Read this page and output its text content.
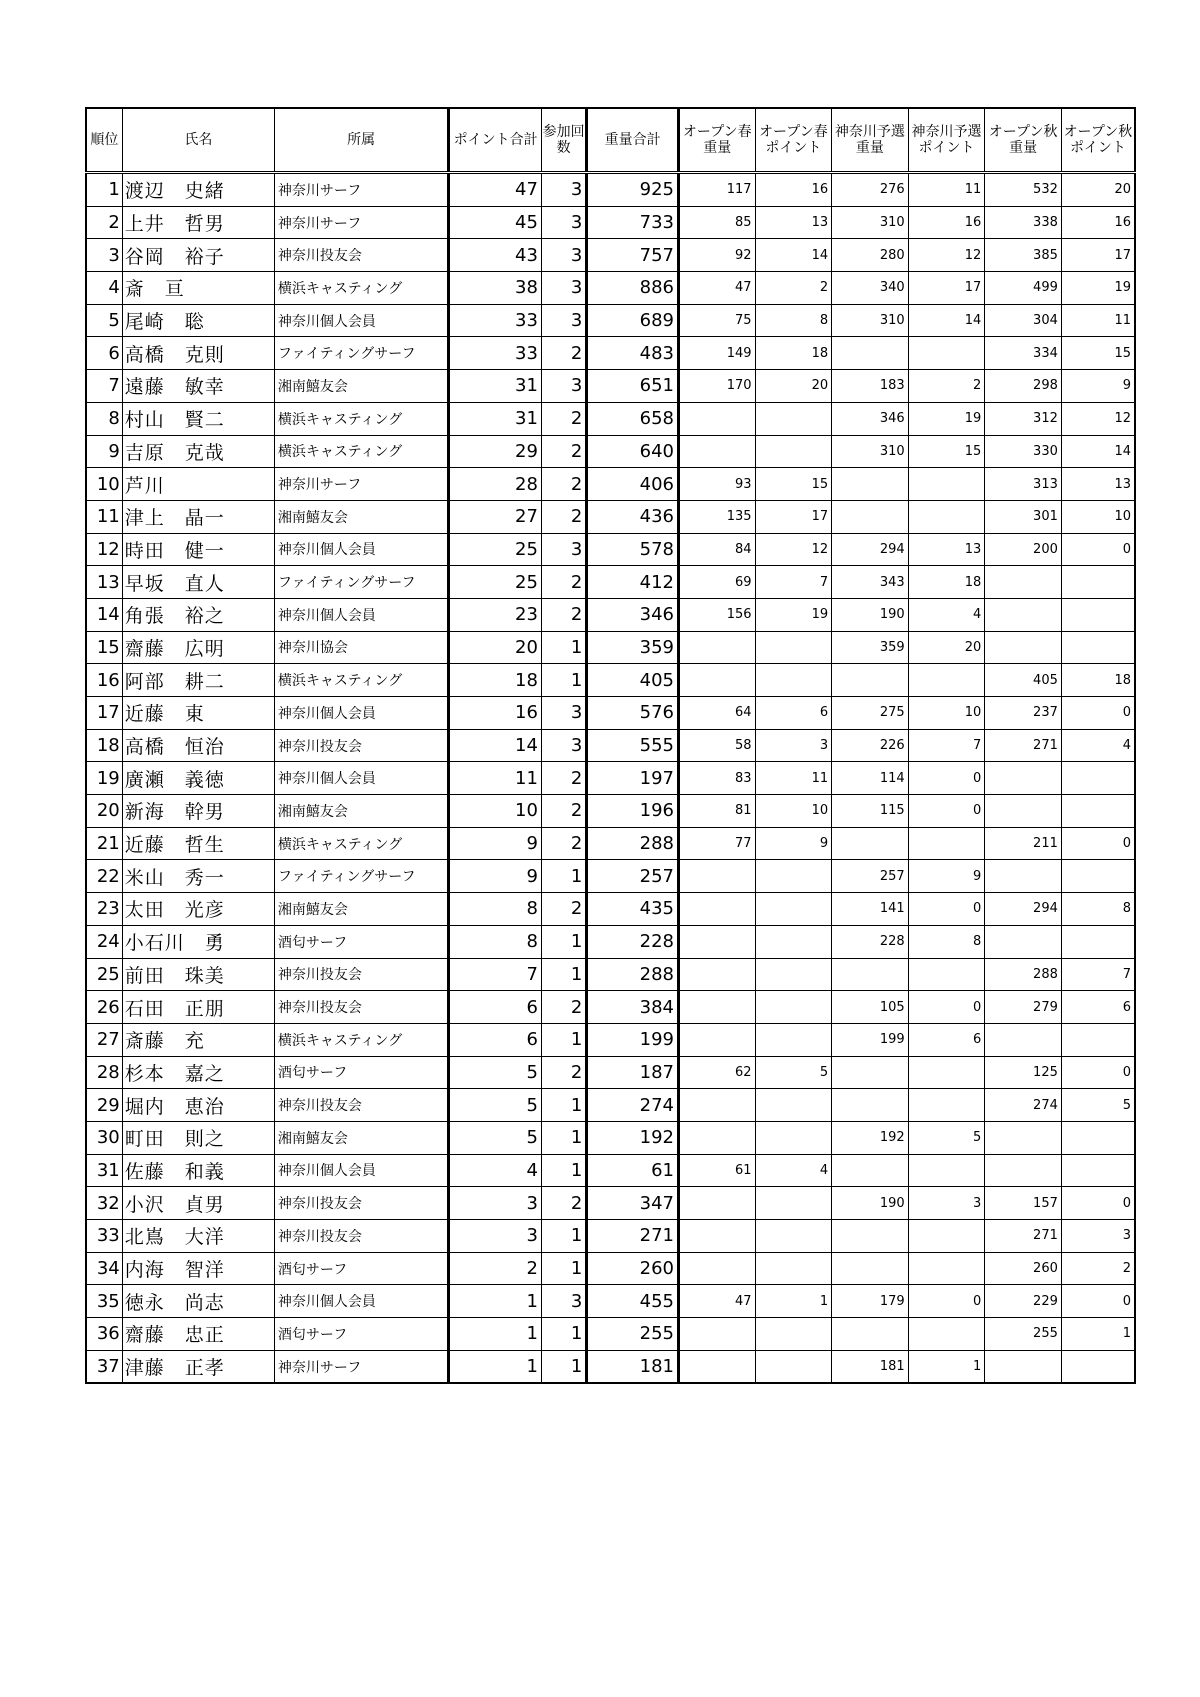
順位	氏名	所属	ポイント合計	参加回数	重量合計	オープン春重量	オープン春ポイント	神奈川予選重量	神奈川予選ポイント	オープン秋重量	オープン秋ポイント
1	渡辺　史緒	神奈川サーフ	47	3	925	117	16	276	11	532	20
2	上井　哲男	神奈川サーフ	45	3	733	85	13	310	16	338	16
3	谷岡　裕子	神奈川投友会	43	3	757	92	14	280	12	385	17
4	斎　亘	横浜キャスティング	38	3	886	47	2	340	17	499	19
5	尾崎　聡	神奈川個人会員	33	3	689	75	8	310	14	304	11
6	高橋　克則	ファイティングサーフ	33	2	483	149	18			334	15
7	遠藤　敏幸	湘南鱚友会	31	3	651	170	20	183	2	298	9
8	村山　賢二	横浜キャスティング	31	2	658			346	19	312	12
9	吉原　克哉	横浜キャスティング	29	2	640			310	15	330	14
10	芦川	神奈川サーフ	28	2	406	93	15			313	13
11	津上　晶一	湘南鱚友会	27	2	436	135	17			301	10
12	時田　健一	神奈川個人会員	25	3	578	84	12	294	13	200	0
13	早坂　直人	ファイティングサーフ	25	2	412	69	7	343	18		
14	角張　裕之	神奈川個人会員	23	2	346	156	19	190	4		
15	齋藤　広明	神奈川協会	20	1	359			359	20		
16	阿部　耕二	横浜キャスティング	18	1	405					405	18
17	近藤　東	神奈川個人会員	16	3	576	64	6	275	10	237	0
18	高橋　恒治	神奈川投友会	14	3	555	58	3	226	7	271	4
19	廣瀬　義徳	神奈川個人会員	11	2	197	83	11	114	0		
20	新海　幹男	湘南鱚友会	10	2	196	81	10	115	0		
21	近藤　哲生	横浜キャスティング	9	2	288	77	9			211	0
22	米山　秀一	ファイティングサーフ	9	1	257			257	9		
23	太田　光彦	湘南鱚友会	8	2	435			141	0	294	8
24	小石川　勇	酒匂サーフ	8	1	228			228	8		
25	前田　珠美	神奈川投友会	7	1	288					288	7
26	石田　正朋	神奈川投友会	6	2	384			105	0	279	6
27	斎藤　充	横浜キャスティング	6	1	199			199	6		
28	杉本　嘉之	酒匂サーフ	5	2	187	62	5			125	0
29	堀内　恵治	神奈川投友会	5	1	274					274	5
30	町田　則之	湘南鱚友会	5	1	192			192	5		
31	佐藤　和義	神奈川個人会員	4	1	61	61	4				
32	小沢　貞男	神奈川投友会	3	2	347			190	3	157	0
33	北嶌　大洋	神奈川投友会	3	1	271					271	3
34	内海　智洋	酒匂サーフ	2	1	260					260	2
35	徳永　尚志	神奈川個人会員	1	3	455	47	1	179	0	229	0
36	齋藤　忠正	酒匂サーフ	1	1	255					255	1
37	津藤　正孝	神奈川サーフ	1	1	181			181	1		
